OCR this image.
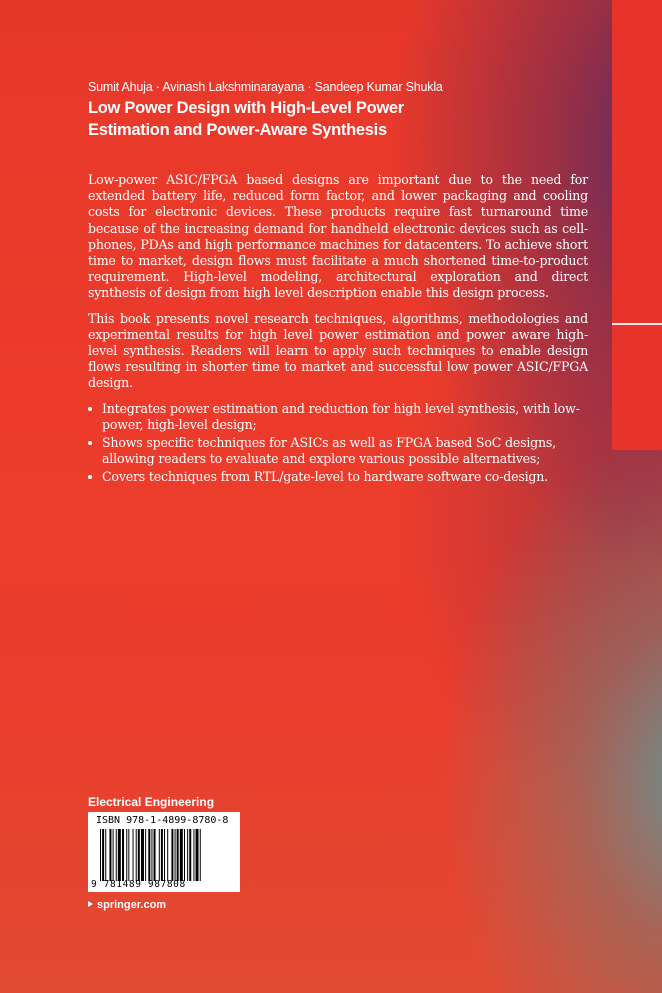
Sumit Ahuja · Avinash Lakshminarayana · Sandeep Kumar Shukla
Low Power Design with High-Level Power
Estimation and Power-Aware Synthesis

Low-power ASIC/FPGA based designs are important due to the need for extended battery life, reduced form factor, and lower packaging and cooling costs for electronic devices. These products require fast turnaround time because of the increasing demand for handheld electronic devices such as cell-phones, PDAs and high performance machines for datacenters. To achieve short time to market, design flows must facilitate a much shortened time-to-product requirement. High-level modeling, architectural exploration and direct synthesis of design from high level description enable this design process.

This book presents novel research techniques, algorithms, methodologies and experimental results for high level power estimation and power aware high-level synthesis. Readers will learn to apply such techniques to enable design flows resulting in shorter time to market and successful low power ASIC/FPGA design.

Integrates power estimation and reduction for high level synthesis, with low-power, high-level design;
Shows specific techniques for ASICs as well as FPGA based SoC designs, allowing readers to evaluate and explore various possible alternatives;
Covers techniques from RTL/gate-level to hardware software co-design.
Electrical Engineering
ISBN 978-1-4899-8780-8
9 781489 987808
springer.com
